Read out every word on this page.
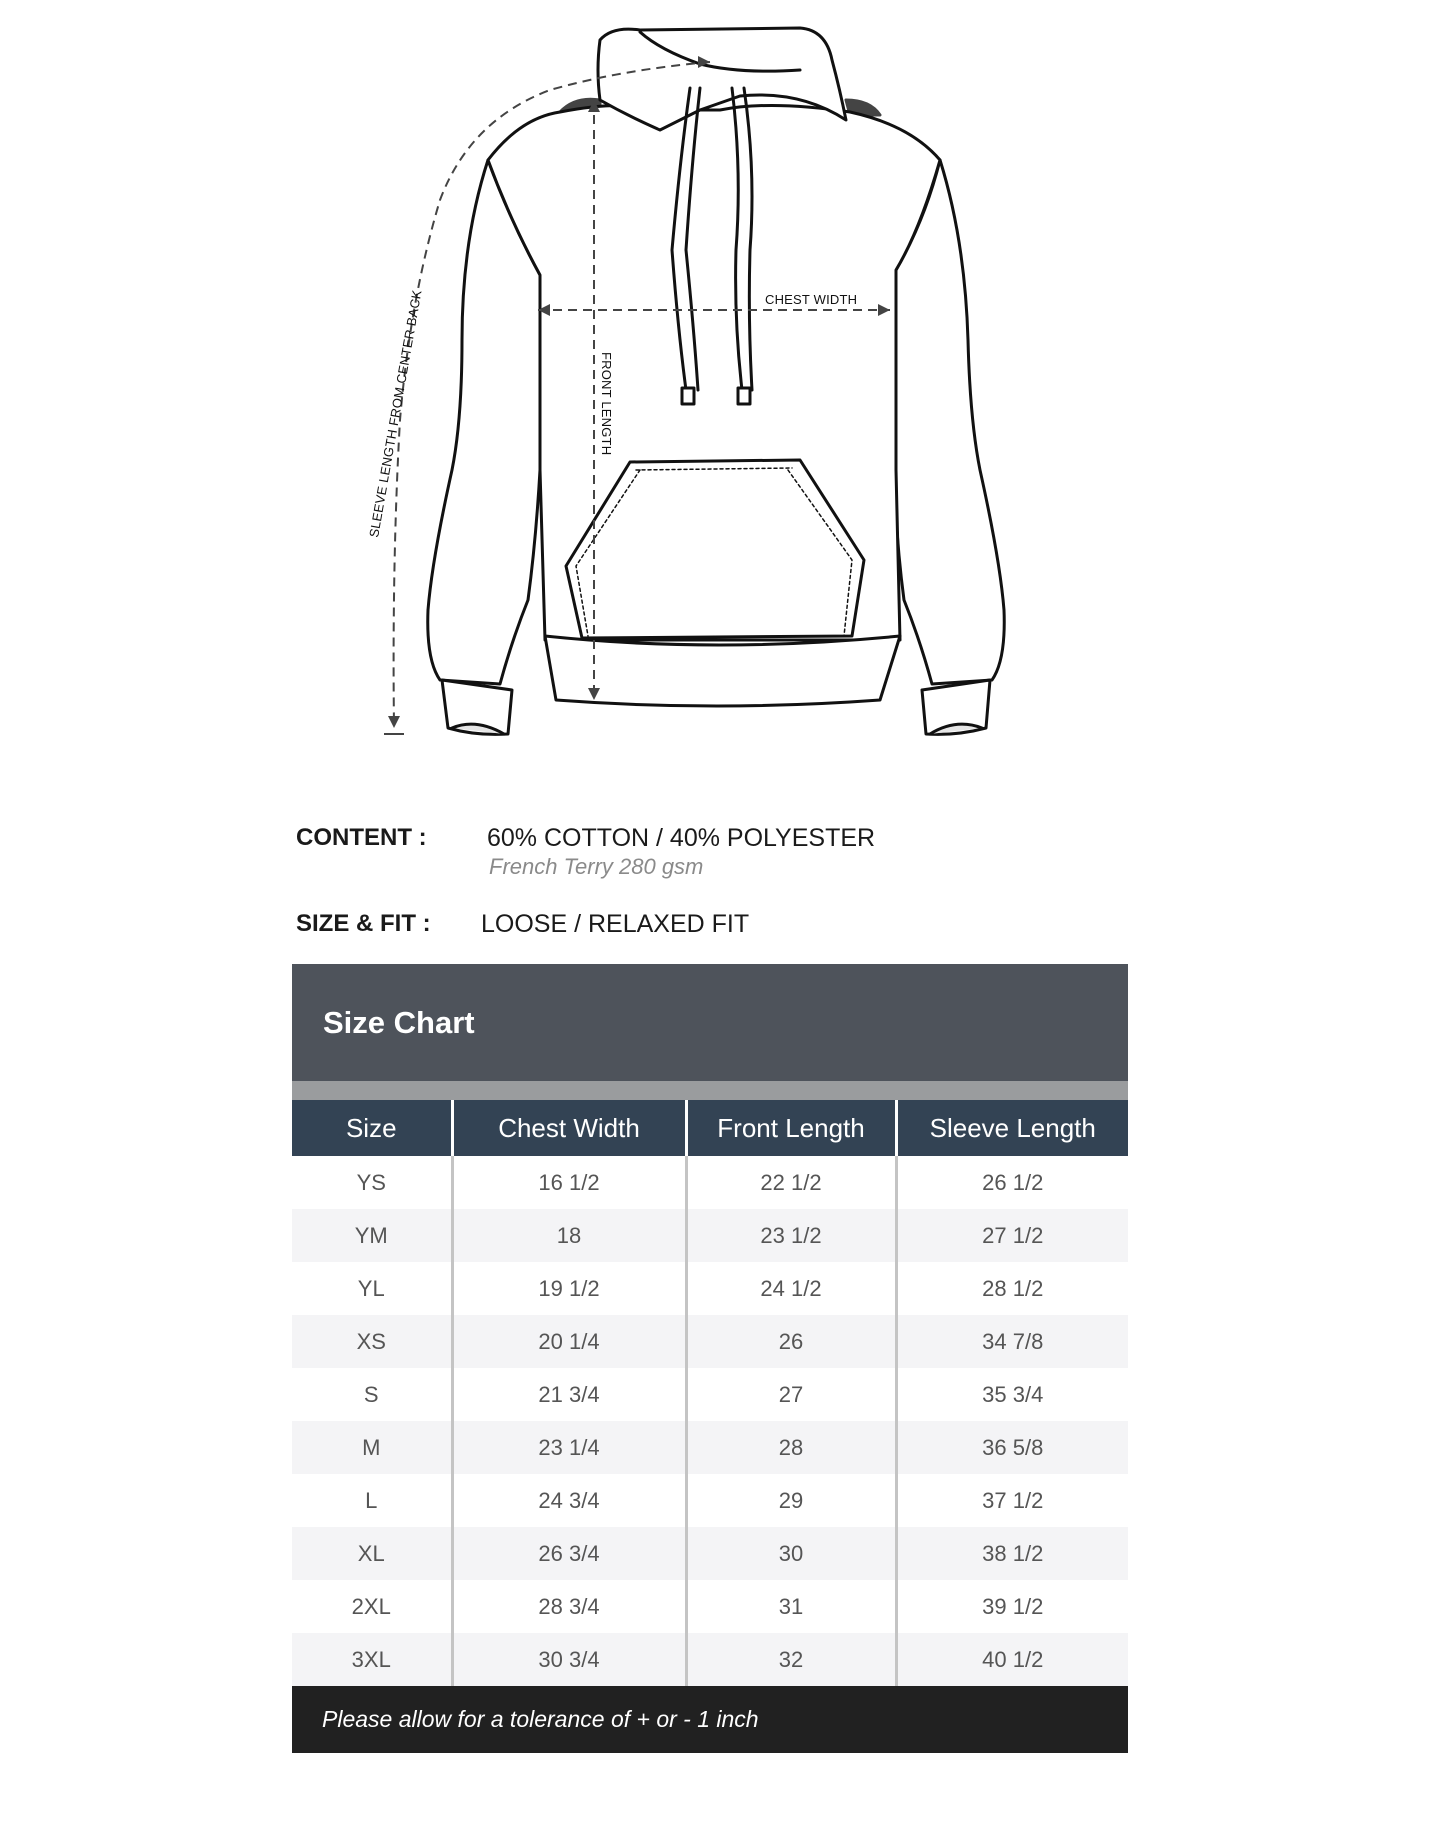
CHEST WIDTH
FRONT LENGTH
SLEEVE LENGTH FROM CENTER BACK
CONTENT : 60% COTTON / 40% POLYESTER
French Terry 280 gsm
SIZE & FIT : LOOSE / RELAXED FIT
Size Chart
Size	Chest Width	Front Length	Sleeve Length
YS	16 1/2	22 1/2	26 1/2
YM	18	23 1/2	27 1/2
YL	19 1/2	24 1/2	28 1/2
XS	20 1/4	26	34 7/8
S	21 3/4	27	35 3/4
M	23 1/4	28	36 5/8
L	24 3/4	29	37 1/2
XL	26 3/4	30	38 1/2
2XL	28 3/4	31	39 1/2
3XL	30 3/4	32	40 1/2
Please allow for a tolerance of + or - 1 inch
